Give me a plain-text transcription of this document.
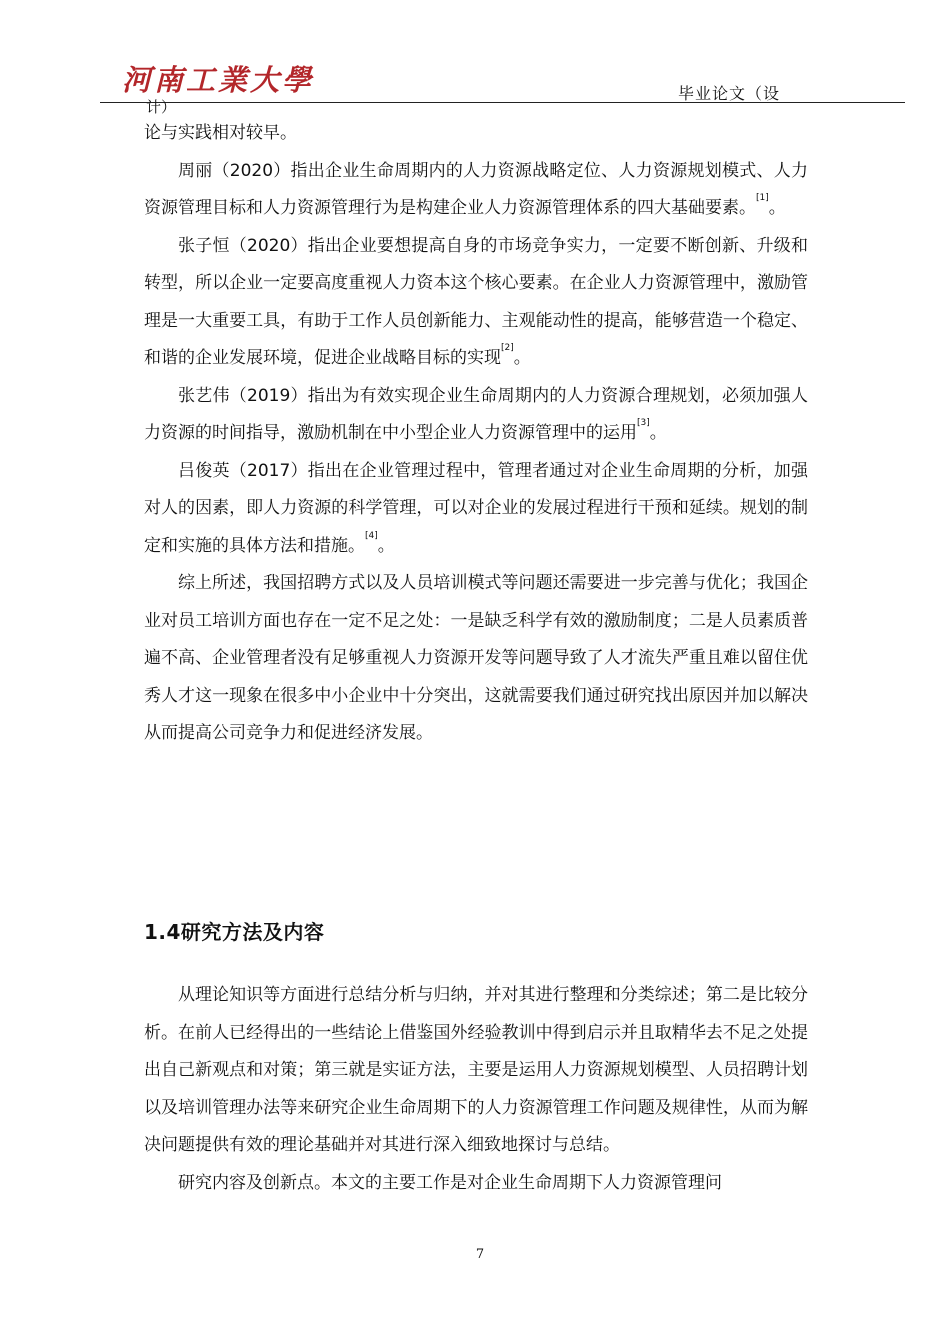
河南工業大學	毕业论文（设
计）

论与实践相对较早。

周丽（2020）指出企业生命周期内的人力资源战略定位、人力资源规划模式、人力资源管理目标和人力资源管理行为是构建企业人力资源管理体系的四大基础要素。[1]。

张子恒（2020）指出企业要想提高自身的市场竞争实力，一定要不断创新、升级和转型，所以企业一定要高度重视人力资本这个核心要素。在企业人力资源管理中，激励管理是一大重要工具，有助于工作人员创新能力、主观能动性的提高，能够营造一个稳定、和谐的企业发展环境，促进企业战略目标的实现[2]。

张艺伟（2019）指出为有效实现企业生命周期内的人力资源合理规划，必须加强人力资源的时间指导，激励机制在中小型企业人力资源管理中的运用[3]。

吕俊英（2017）指出在企业管理过程中，管理者通过对企业生命周期的分析，加强对人的因素，即人力资源的科学管理，可以对企业的发展过程进行干预和延续。规划的制定和实施的具体方法和措施。[4]。

综上所述，我国招聘方式以及人员培训模式等问题还需要进一步完善与优化；我国企业对员工培训方面也存在一定不足之处：一是缺乏科学有效的激励制度；二是人员素质普遍不高、企业管理者没有足够重视人力资源开发等问题导致了人才流失严重且难以留住优秀人才这一现象在很多中小企业中十分突出，这就需要我们通过研究找出原因并加以解决从而提高公司竞争力和促进经济发展。

1.4研究方法及内容

从理论知识等方面进行总结分析与归纳，并对其进行整理和分类综述；第二是比较分析。在前人已经得出的一些结论上借鉴国外经验教训中得到启示并且取精华去不足之处提出自己新观点和对策；第三就是实证方法，主要是运用人力资源规划模型、人员招聘计划以及培训管理办法等来研究企业生命周期下的人力资源管理工作问题及规律性，从而为解决问题提供有效的理论基础并对其进行深入细致地探讨与总结。

研究内容及创新点。本文的主要工作是对企业生命周期下人力资源管理问

7
